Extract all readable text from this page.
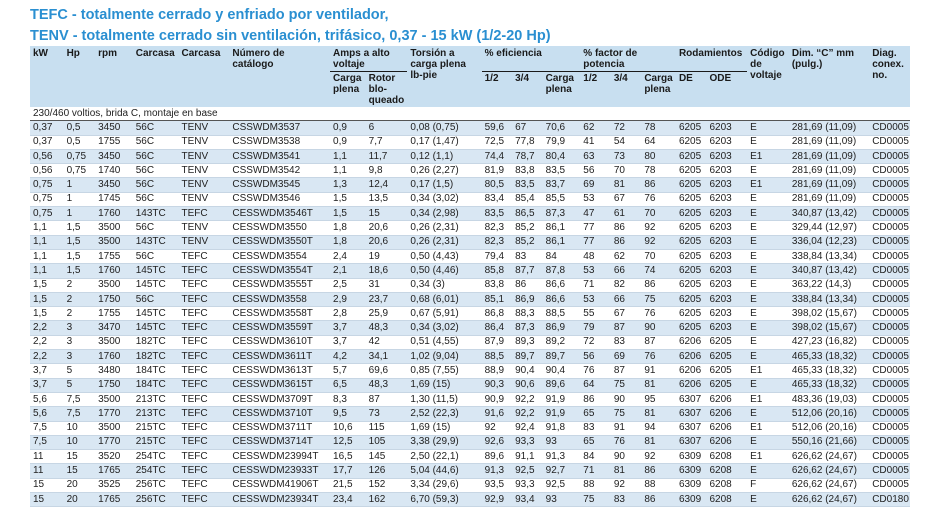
TEFC - totalmente cerrado y enfriado por ventilador,
TENV - totalmente cerrado sin ventilación, trifásico, 0,37 - 15 kW (1/2-20 Hp)
kW	Hp	rpm	Carcasa	Carcasa	Número de catálogo	Amps a alto voltaje		Torsión a carga plena lb-pie	% eficiencia			% factor de potencia			Rodamientos		Código de voltaje	Dim. “C” mm (pulg.)	Diag. conex. no.
						Carga plena	Rotor blo-queado		1/2	3/4	Carga plena	1/2	3/4	Carga plena	DE	ODE			
230/460 voltios, brida C, montaje en base																			
0,37	0,5	3450	56C	TENV	CSSWDM3537	0,9	6	0,08 (0,75)	59,6	67	70,6	62	72	78	6205	6203	E	281,69 (11,09)	CD0005
0,37	0,5	1755	56C	TENV	CSSWDM3538	0,9	7,7	0,17 (1,47)	72,5	77,8	79,9	41	54	64	6205	6203	E	281,69 (11,09)	CD0005
0,56	0,75	3450	56C	TENV	CSSWDM3541	1,1	11,7	0,12 (1,1)	74,4	78,7	80,4	63	73	80	6205	6203	E1	281,69 (11,09)	CD0005
0,56	0,75	1740	56C	TENV	CSSWDM3542	1,1	9,8	0,26 (2,27)	81,9	83,8	83,5	56	70	78	6205	6203	E	281,69 (11,09)	CD0005
0,75	1	3450	56C	TENV	CSSWDM3545	1,3	12,4	0,17 (1,5)	80,5	83,5	83,7	69	81	86	6205	6203	E1	281,69 (11,09)	CD0005
0,75	1	1745	56C	TENV	CSSWDM3546	1,5	13,5	0,34 (3,02)	83,4	85,4	85,5	53	67	76	6205	6203	E	281,69 (11,09)	CD0005
0,75	1	1760	143TC	TEFC	CESSWDM3546T	1,5	15	0,34 (2,98)	83,5	86,5	87,3	47	61	70	6205	6203	E	340,87 (13,42)	CD0005
1,1	1,5	3500	56C	TENV	CESSWDM3550	1,8	20,6	0,26 (2,31)	82,3	85,2	86,1	77	86	92	6205	6203	E	329,44 (12,97)	CD0005
1,1	1,5	3500	143TC	TENV	CESSWDM3550T	1,8	20,6	0,26 (2,31)	82,3	85,2	86,1	77	86	92	6205	6203	E	336,04 (12,23)	CD0005
1,1	1,5	1755	56C	TEFC	CESSWDM3554	2,4	19	0,50 (4,43)	79,4	83	84	48	62	70	6205	6203	E	338,84 (13,34)	CD0005
1,1	1,5	1760	145TC	TEFC	CESSWDM3554T	2,1	18,6	0,50 (4,46)	85,8	87,7	87,8	53	66	74	6205	6203	E	340,87 (13,42)	CD0005
1,5	2	3500	145TC	TEFC	CESSWDM3555T	2,5	31	0,34 (3)	83,8	86	86,6	71	82	86	6205	6203	E	363,22 (14,3)	CD0005
1,5	2	1750	56C	TEFC	CESSWDM3558	2,9	23,7	0,68 (6,01)	85,1	86,9	86,6	53	66	75	6205	6203	E	338,84 (13,34)	CD0005
1,5	2	1755	145TC	TEFC	CESSWDM3558T	2,8	25,9	0,67 (5,91)	86,8	88,3	88,5	55	67	76	6205	6203	E	398,02 (15,67)	CD0005
2,2	3	3470	145TC	TEFC	CESSWDM3559T	3,7	48,3	0,34 (3,02)	86,4	87,3	86,9	79	87	90	6205	6203	E	398,02 (15,67)	CD0005
2,2	3	3500	182TC	TEFC	CESSWDM3610T	3,7	42	0,51 (4,55)	87,9	89,3	89,2	72	83	87	6206	6205	E	427,23 (16,82)	CD0005
2,2	3	1760	182TC	TEFC	CESSWDM3611T	4,2	34,1	1,02 (9,04)	88,5	89,7	89,7	56	69	76	6206	6205	E	465,33 (18,32)	CD0005
3,7	5	3480	184TC	TEFC	CESSWDM3613T	5,7	69,6	0,85 (7,55)	88,9	90,4	90,4	76	87	91	6206	6205	E1	465,33 (18,32)	CD0005
3,7	5	1750	184TC	TEFC	CESSWDM3615T	6,5	48,3	1,69 (15)	90,3	90,6	89,6	64	75	81	6206	6205	E	465,33 (18,32)	CD0005
5,6	7,5	3500	213TC	TEFC	CESSWDM3709T	8,3	87	1,30 (11,5)	90,9	92,2	91,9	86	90	95	6307	6206	E1	483,36 (19,03)	CD0005
5,6	7,5	1770	213TC	TEFC	CESSWDM3710T	9,5	73	2,52 (22,3)	91,6	92,2	91,9	65	75	81	6307	6206	E	512,06 (20,16)	CD0005
7,5	10	3500	215TC	TEFC	CESSWDM3711T	10,6	115	1,69 (15)	92	92,4	91,8	83	91	94	6307	6206	E1	512,06 (20,16)	CD0005
7,5	10	1770	215TC	TEFC	CESSWDM3714T	12,5	105	3,38 (29,9)	92,6	93,3	93	65	76	81	6307	6206	E	550,16 (21,66)	CD0005
11	15	3520	254TC	TEFC	CESSWDM23994T	16,5	145	2,50 (22,1)	89,6	91,1	91,3	84	90	92	6309	6208	E1	626,62 (24,67)	CD0005
11	15	1765	254TC	TEFC	CESSWDM23933T	17,7	126	5,04 (44,6)	91,3	92,5	92,7	71	81	86	6309	6208	E	626,62 (24,67)	CD0005
15	20	3525	256TC	TEFC	CESSWDM41906T	21,5	152	3,34 (29,6)	93,5	93,3	92,5	88	92	88	6309	6208	F	626,62 (24,67)	CD0005
15	20	1765	256TC	TEFC	CESSWDM23934T	23,4	162	6,70 (59,3)	92,9	93,4	93	75	83	86	6309	6208	E	626,62 (24,67)	CD0180
